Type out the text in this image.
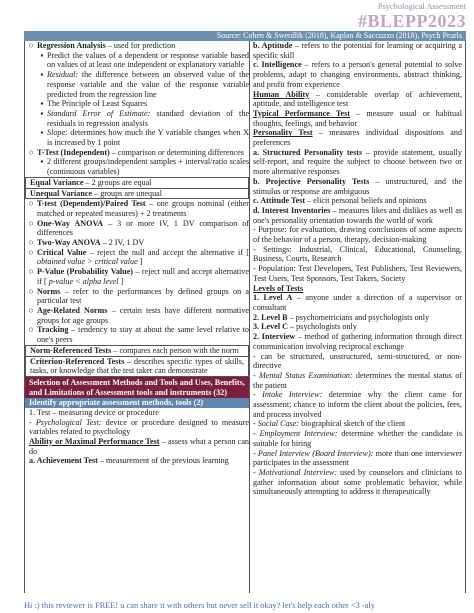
Psychological Assessment
#BLEPP2023
Source: Cohen & Swerdlik (2018), Kaplan & Saccuzzo (2018), Psych Pearls
○ Regression Analysis – used for prediction
▪ Predict the values of a dependent or response variable based on values of at least one independent or explanatory variable
▪ Residual: the difference between an observed value of the response variable and the value of the response variable predicted from the regression line
▪ The Principle of Least Squares
▪ Standard Error of Estimate: standard deviation of the residuals in regression analysis
▪ Slope: determines how much the Y variable changes when X is increased by 1 point
○ T-Test (Independent) – comparison or determining differences
▪ 2 different groups/independent samples + interval/ratio scales (continuous variables)
Equal Variance – 2 groups are equal
Unequal Variance – groups are unequal
○ T-test (Dependent)/Paired Test – one groups nominal (either matched or repeated measures) + 2 treatments
○ One-Way ANOVA – 3 or more IV, 1 DV comparison of differences
○ Two-Way ANOVA – 2 IV, 1 DV
○ Critical Value – reject the null and accept the alternative if [ obtained value > critical value ]
○ P-Value (Probability Value) – reject null and accept alternative if [ p-value < alpha level ]
○ Norms – refer to the performances by defined groups on a particular test
○ Age-Related Norms – certain tests have different normative groups for age groups
○ Tracking – tendency to stay at about the same level relative to one's peers
Norm-Referenced Tests – compares each person with the norm
Criterion-Referenced Tests – describes specific types of skills, tasks, or knowledge that the test taker can demonstrate
Selection of Assessment Methods and Tools and Uses, Benefits, and Limitations of Assessment tools and instruments (32)
Identify appropriate assessment methods, tools (2)
1. Test – measuring device or procedure
- Psychological Test: device or procedure designed to measure variables related to psychology
Ability or Maximal Performance Test – assess what a person can do
a. Achievement Test – measurement of the previous learning
b. Aptitude – refers to the potential for learning or acquiring a specific skill
c. Intelligence – refers to a person's general potential to solve problems, adapt to changing environments, abstract thinking, and profit from experience
Human Ability – considerable overlap of achievement, aptitude, and intelligence test
Typical Performance Test – measure usual or habitual thoughts, feelings, and behavior
Personality Test – measures individual dispositions and preferences
a. Structured Personality tests – provide statement, usually self-report, and require the subject to choose between two or more alternative responses
b. Projective Personality Tests – unstructured, and the stimulus or response are ambiguous
c. Attitude Test – elicit personal beliefs and opinions
d. Interest Inventories – measures likes and dislikes as well as one's personality orientation towards the world of work
- Purpose: for evaluation, drawing conclusions of some aspects of the behavior of a person, therapy, decision-making
- Settings: Industrial, Clinical, Educational, Counseling, Business, Courts, Research
- Population: Test Developers, Test Publishers, Test Reviewers, Test Users, Test Sponsors, Test Takers, Society
Levels of Tests
1. Level A – anyone under a direction of a supervisor or consultant
2. Level B – psychometricians and psychologists only
3. Level C – psychologists only
2. Interview – method of gathering information through direct communication involving reciprocal exchange
- can be structured, unstructured, semi-structured, or non-directive
- Mental Status Examination: determines the mental status of the patient
- Intake Interview: determine why the client came for assessment; chance to inform the client about the policies, fees, and process involved
- Social Case: biographical sketch of the client
- Employment Interview: determine whether the candidate is suitable for hiring
- Panel Interview (Board Interview): more than one interviewer participates in the assessment
- Motivational Interview: used by counselors and clinicians to gather information about some problematic behavior, while simultaneously attempting to address it therapeutically
Hi :) this reviewer is FREE! u can share it with others but never sell it okay? let's help each other <3 -aly
